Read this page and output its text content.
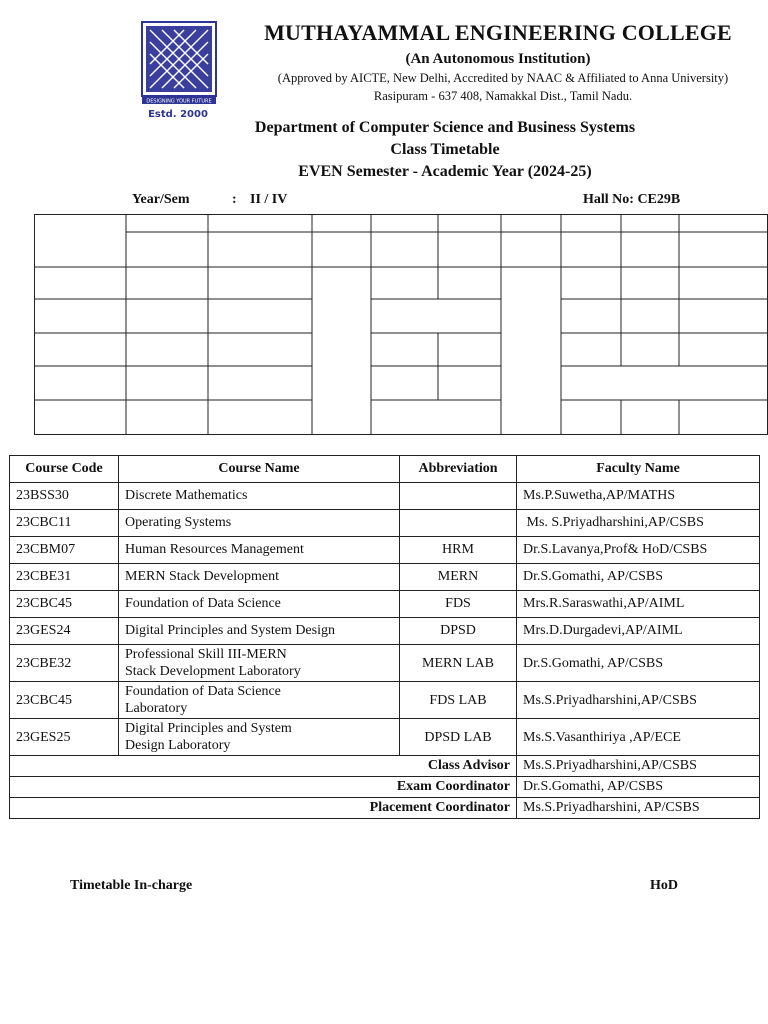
DESIGNING YOUR FUTURE
Estd. 2000
MUTHAYAMMAL ENGINEERING COLLEGE
(An Autonomous Institution)
(Approved by AICTE, New Delhi, Accredited by NAAC & Affiliated to Anna University)
Rasipuram - 637 408, Namakkal Dist., Tamil Nadu.
Department of Computer Science and Business Systems
Class Timetable
EVEN Semester - Academic Year (2024-25)
Year/Sem	: II / IV	Hall No: CE29B
Course Code	Course Name	Abbreviation	Faculty Name
23BSS30	Discrete Mathematics		Ms.P.Suwetha,AP/MATHS
23CBC11	Operating Systems		Ms. S.Priyadharshini,AP/CSBS
23CBM07	Human Resources Management	HRM	Dr.S.Lavanya,Prof& HoD/CSBS
23CBE31	MERN Stack Development	MERN	Dr.S.Gomathi, AP/CSBS
23CBC45	Foundation of Data Science	FDS	Mrs.R.Saraswathi,AP/AIML
23GES24	Digital Principles and System Design	DPSD	Mrs.D.Durgadevi,AP/AIML
23CBE32	Professional Skill III-MERN
Stack Development Laboratory	MERN LAB	Dr.S.Gomathi, AP/CSBS
23CBC45	Foundation of Data Science
Laboratory	FDS LAB	Ms.S.Priyadharshini,AP/CSBS
23GES25	Digital Principles and System
Design Laboratory	DPSD LAB	Ms.S.Vasanthiriya ,AP/ECE
Class Advisor			Ms.S.Priyadharshini,AP/CSBS
Exam Coordinator			Dr.S.Gomathi, AP/CSBS
Placement Coordinator			Ms.S.Priyadharshini, AP/CSBS
Timetable In-charge	HoD
